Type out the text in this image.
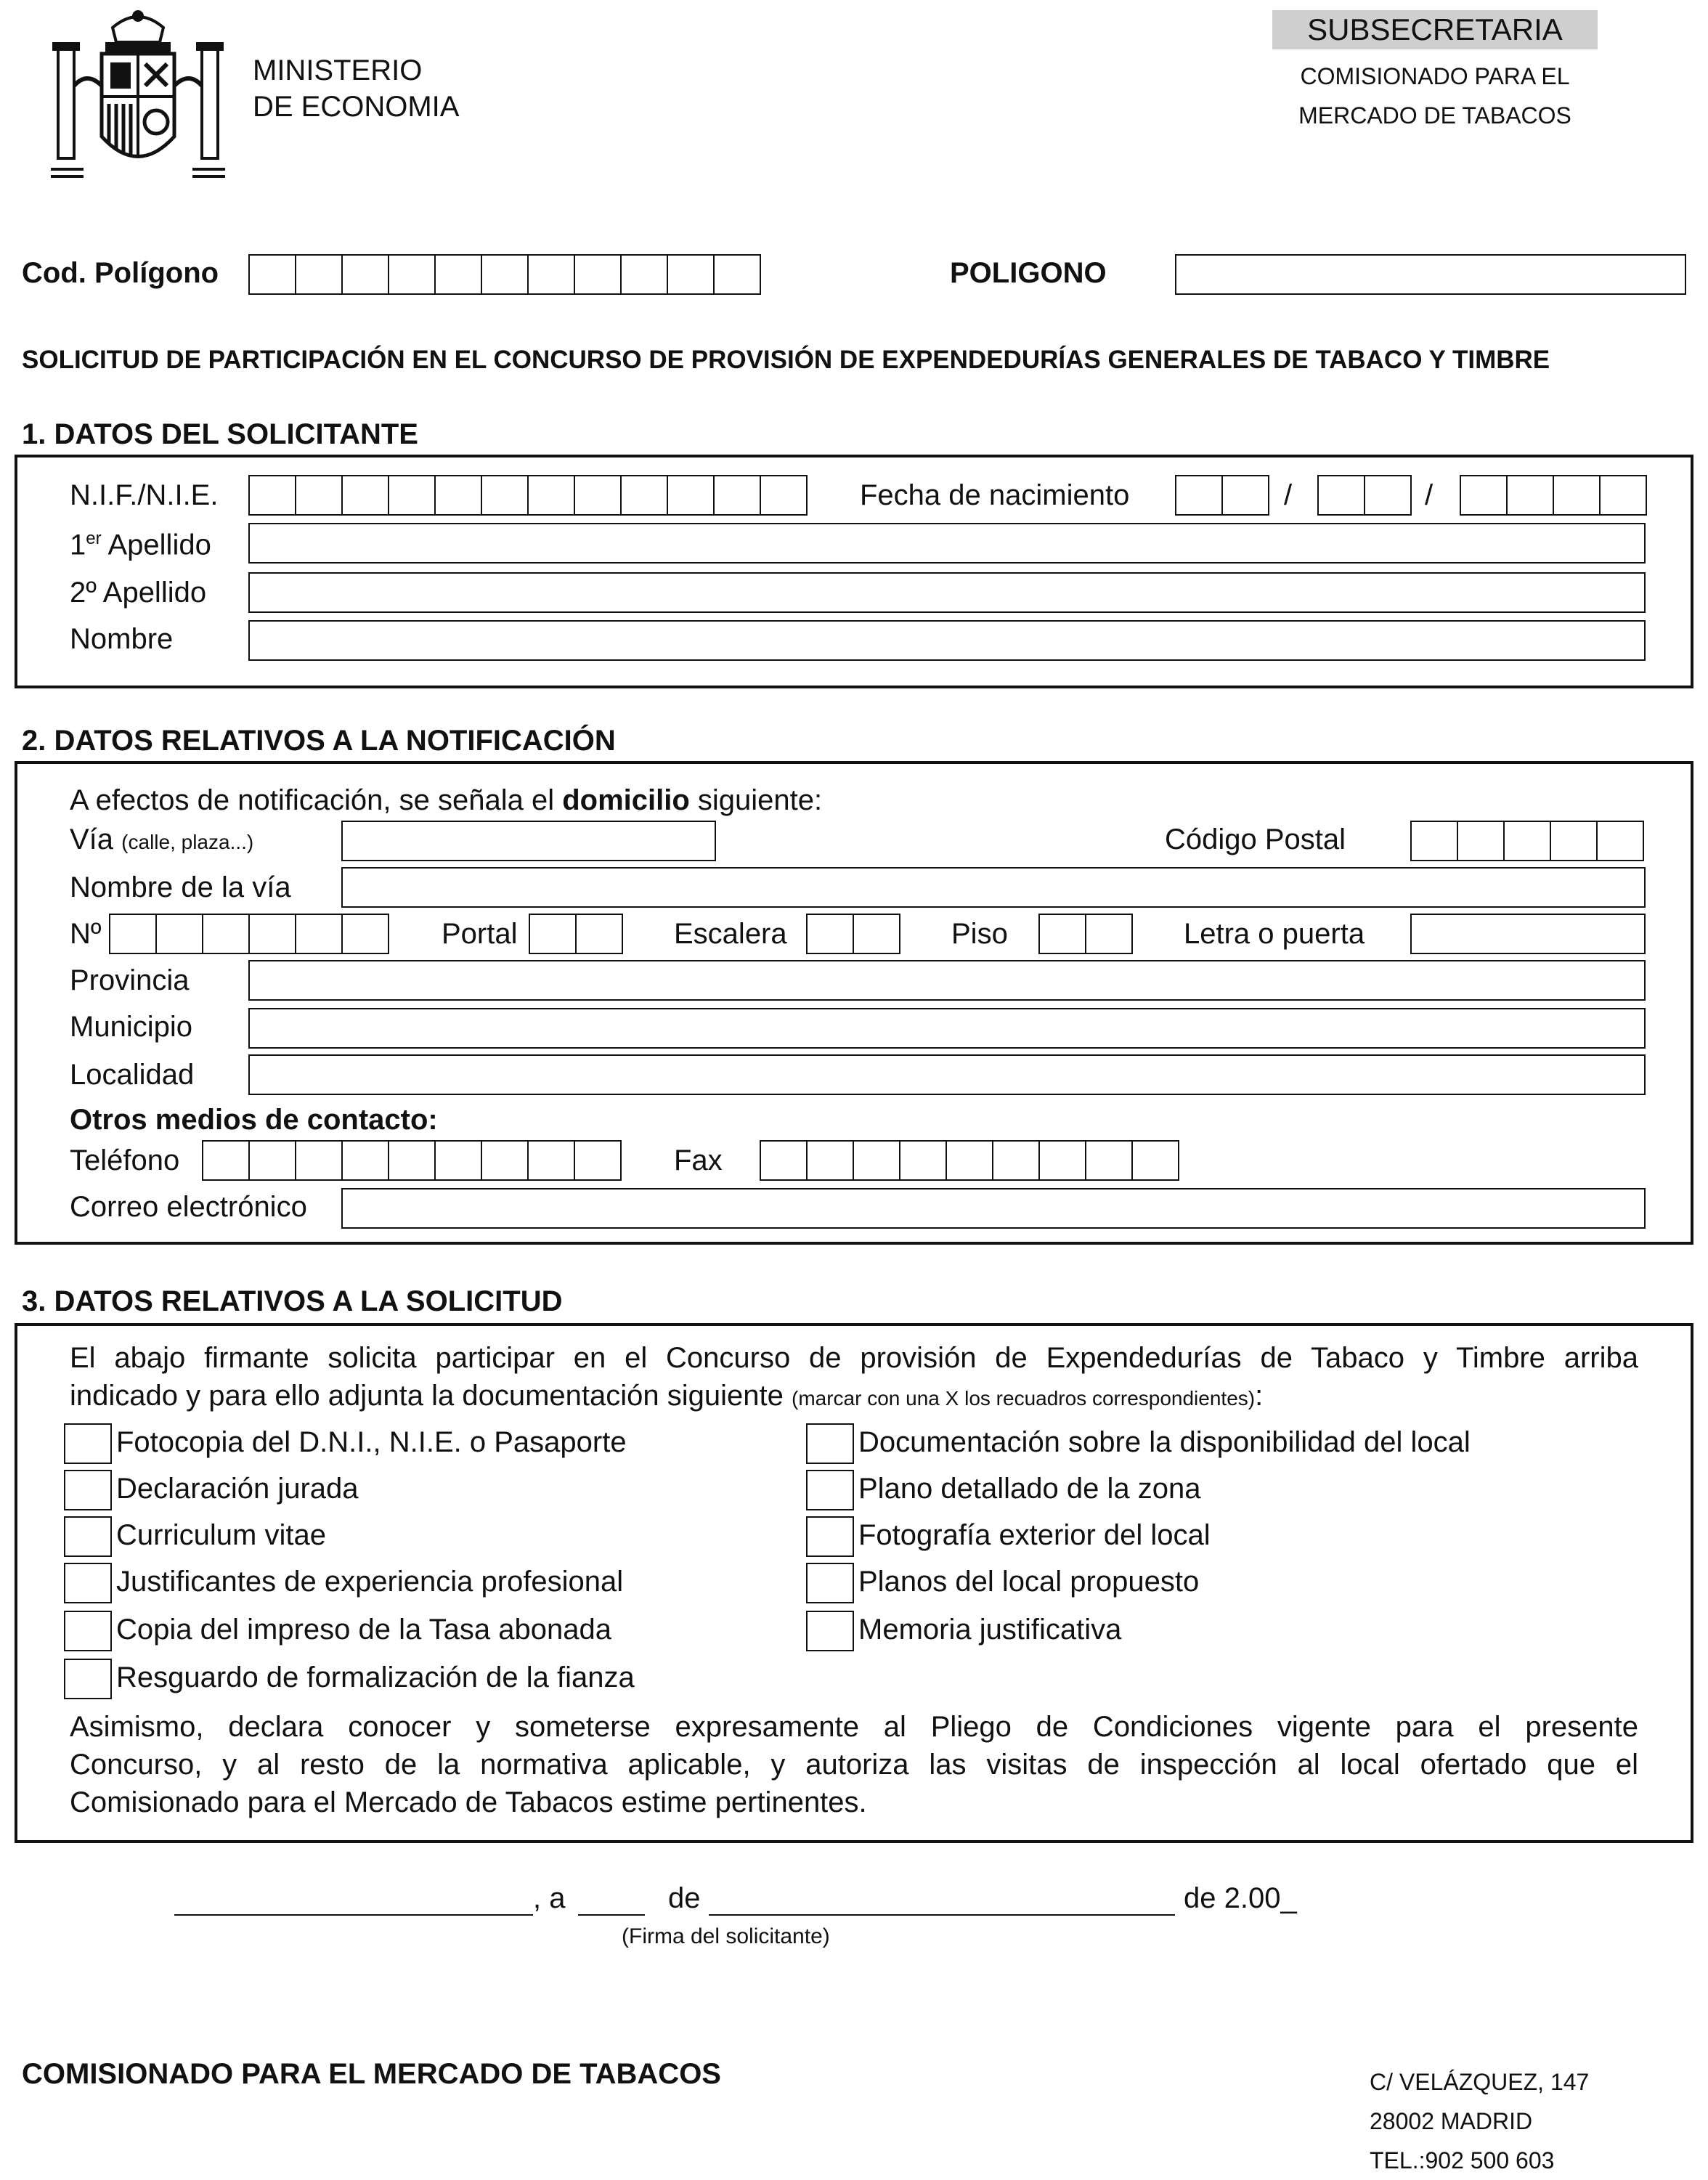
MINISTERIO
DE ECONOMIA
SUBSECRETARIA
COMISIONADO PARA EL
MERCADO DE TABACOS
Cod. Polígono	POLIGONO
SOLICITUD DE PARTICIPACIÓN EN EL CONCURSO DE PROVISIÓN DE EXPENDEDURÍAS GENERALES DE TABACO Y TIMBRE
1. DATOS DEL SOLICITANTE
N.I.F./N.I.E.	Fecha de nacimiento	/	/
1er Apellido
2º Apellido
Nombre
2. DATOS RELATIVOS A LA NOTIFICACIÓN
A efectos de notificación, se señala el domicilio siguiente:
Vía (calle, plaza...)	Código Postal
Nombre de la vía
Nº	Portal	Escalera	Piso	Letra o puerta
Provincia
Municipio
Localidad
Otros medios de contacto:
Teléfono	Fax
Correo electrónico
3. DATOS RELATIVOS A LA SOLICITUD
El abajo firmante solicita participar en el Concurso de provisión de Expendedurías de Tabaco y Timbre arriba
indicado y para ello adjunta la documentación siguiente (marcar con una X los recuadros correspondientes):
Fotocopia del D.N.I., N.I.E. o Pasaporte
Declaración jurada
Curriculum vitae
Justificantes de experiencia profesional
Copia del impreso de la Tasa abonada
Resguardo de formalización de la fianza
Documentación sobre la disponibilidad del local
Plano detallado de la zona
Fotografía exterior del local
Planos del local propuesto
Memoria justificativa
Asimismo, declara conocer y someterse expresamente al Pliego de Condiciones vigente para el presente
Concurso, y al resto de la normativa aplicable, y autoriza las visitas de inspección al local ofertado que el
Comisionado para el Mercado de Tabacos estime pertinentes.
, a	de	de 2.00_
(Firma del solicitante)
COMISIONADO PARA EL MERCADO DE TABACOS	C/ VELÁZQUEZ, 147
28002 MADRID
TEL.:902 500 603
